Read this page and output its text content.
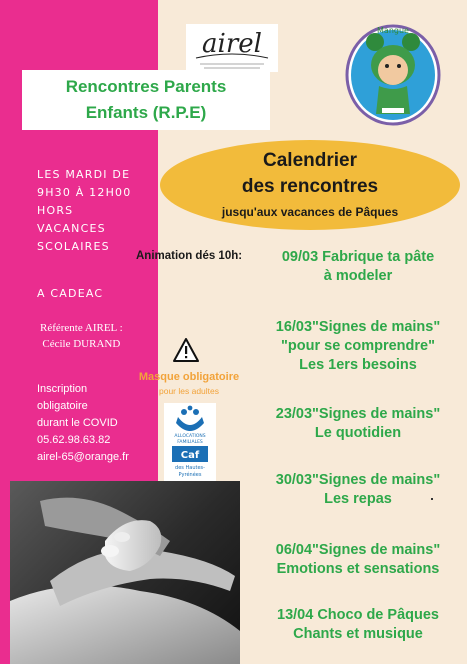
airel	Mangue
Rencontres Parents
Enfants (R.P.E)
LES MARDI DE
9H30 À 12H00
HORS
VACANCES
SCOLAIRES
A CADEAC
Référente AIREL :
Cécile DURAND
Inscription
obligatoire
durant le COVID
05.62.98.63.82
airel-65@orange.fr
Calendrier
des rencontres
jusqu'aux vacances de Pâques
Animation dés 10h:	09/03 Fabrique ta pâte
à modeler
16/03"Signes de mains"
"pour se comprendre"
Les 1ers besoins
23/03"Signes de mains"
Le quotidien
30/03"Signes de mains"
Les repas
06/04"Signes de mains"
Emotions et sensations
13/04 Choco de Pâques
Chants et musique
Masque obligatoire
pour les adultes
ALLOCATIONS
FAMILIALES
Caf
des Hautes-
Pyrénées
